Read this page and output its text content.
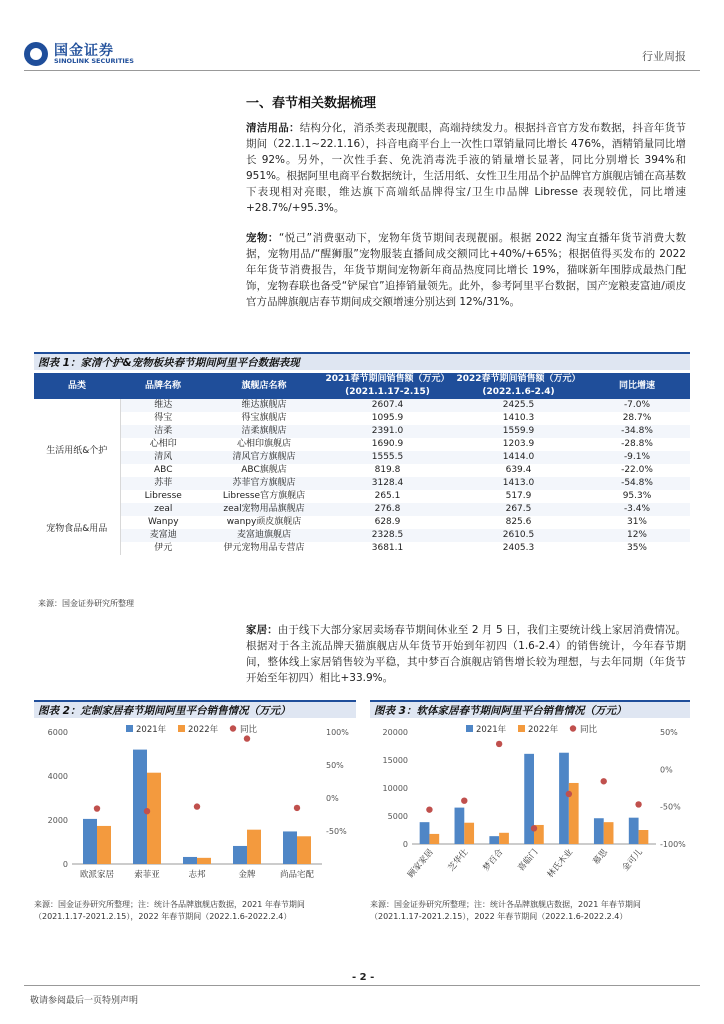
国金证券
SINOLINK SECURITIES	行业周报
一、春节相关数据梳理
清洁用品：结构分化，消杀类表现靓眼，高端持续发力。根据抖音官方发布数据，抖音年货节期间（22.1.1~22.1.16），抖音电商平台上一次性口罩销量同比增长 476%，酒精销量同比增长 92%。另外，一次性手套、免洗消毒洗手液的销量增长显著，同比分别增长 394%和 951%。根据阿里电商平台数据统计，生活用纸、女性卫生用品个护品牌官方旗舰店铺在高基数下表现相对亮眼，维达旗下高端纸品牌得宝/卫生巾品牌 Libresse 表现较优，同比增速+28.7%/+95.3%。
宠物：“悦己”消费驱动下，宠物年货节期间表现靓丽。根据 2022 淘宝直播年货节消费大数据，宠物用品/“醒狮服”宠物服装直播间成交额同比+40%/+65%；根据值得买发布的 2022 年年货节消费报告，年货节期间宠物新年商品热度同比增长 19%，猫咪新年围脖成最热门配饰，宠物春联也备受“铲屎官”追捧销量领先。此外，参考阿里平台数据，国产宠粮麦富迪/顽皮官方品牌旗舰店春节期间成交额增速分别达到 12%/31%。
图表 1：家清个护&宠物板块春节期间阿里平台数据表现
品类	品牌名称	旗舰店名称	2021春节期间销售额（万元）	2022春节期间销售额（万元）	同比增速
			(2021.1.17-2.15)	(2022.1.6-2.4)	
生活用纸&个护	维达	维达旗舰店	2607.4	2425.5	-7.0%
	得宝	得宝旗舰店	1095.9	1410.3	28.7%
	洁柔	洁柔旗舰店	2391.0	1559.9	-34.8%
	心相印	心相印旗舰店	1690.9	1203.9	-28.8%
	清风	清风官方旗舰店	1555.5	1414.0	-9.1%
	ABC	ABC旗舰店	819.8	639.4	-22.0%
	苏菲	苏菲官方旗舰店	3128.4	1413.0	-54.8%
	Libresse	Libresse官方旗舰店	265.1	517.9	95.3%
宠物食品&用品	zeal	zeal宠物用品旗舰店	276.8	267.5	-3.4%
	Wanpy	wanpy顽皮旗舰店	628.9	825.6	31%
	麦富迪	麦富迪旗舰店	2328.5	2610.5	12%
	伊元	伊元宠物用品专营店	3681.1	2405.3	35%
来源：国金证券研究所整理
家居：由于线下大部分家居卖场春节期间休业至 2 月 5 日，我们主要统计线上家居消费情况。根据对于各主流品牌天猫旗舰店从年货节开始到年初四（1.6-2.4）的销售统计，今年春节期间，整体线上家居销售较为平稳，其中梦百合旗舰店销售增长较为理想，与去年同期（年货节开始至年初四）相比+33.9%。
图表 2：定制家居春节期间阿里平台销售情况（万元）
0
2000
4000
6000
-50%
0%
50%
100%
欧派家居 索菲亚	志邦	金牌	尚品宅配
2021年	2022年	同比
来源：国金证券研究所整理；注：统计各品牌旗舰店数据，2021 年春节期间
（2021.1.17-2021.2.15），2022 年春节期间（2022.1.6-2022.2.4）
图表 3：软体家居春节期间阿里平台销售情况（万元）
0
5000
10000
15000
20000
-100%
-50%
0%
50%
顾家家居 芝华仕 梦百合 喜临门 林氏木业 慕思 金可儿
2021年	2022年	同比
来源：国金证券研究所整理；注：统计各品牌旗舰店数据，2021 年春节期间
（2021.1.17-2021.2.15），2022 年春节期间（2022.1.6-2022.2.4）
- 2 -
敬请参阅最后一页特别声明
